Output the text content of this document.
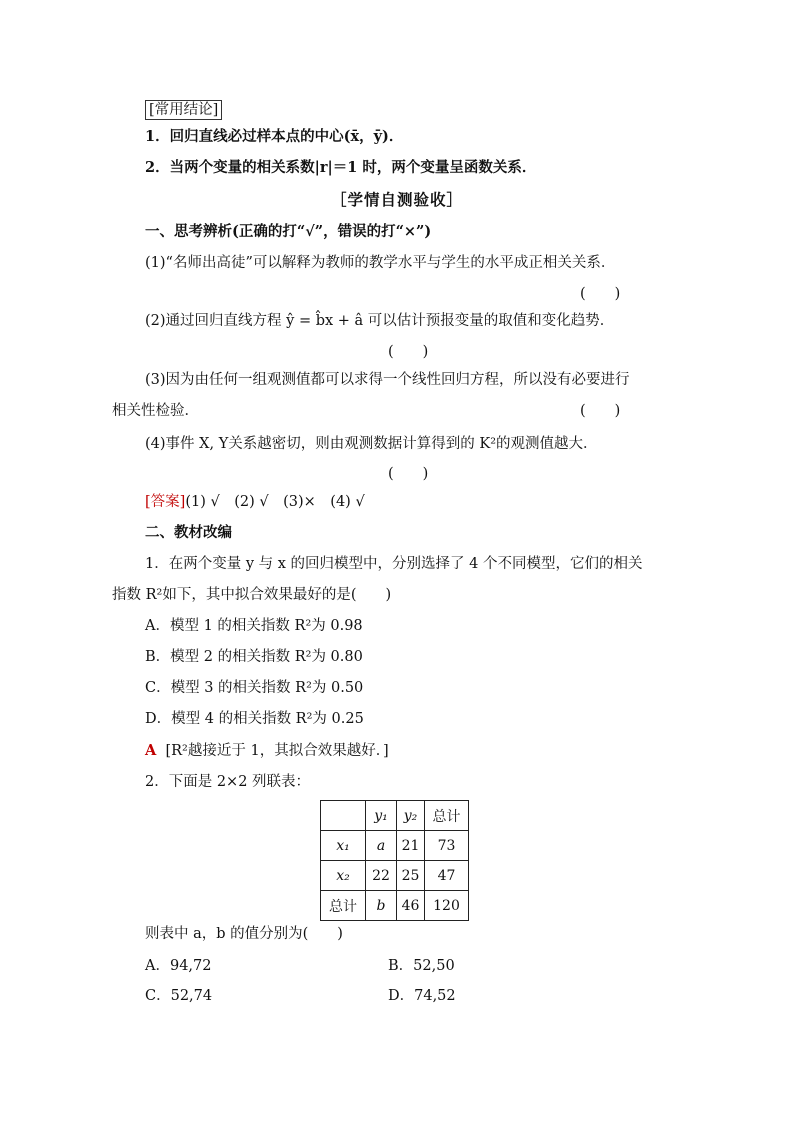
[常用结论]
1．回归直线必过样本点的中心(x̄，ȳ)．
2．当两个变量的相关系数|r|＝1 时，两个变量呈函数关系．
［学情自测验收］
一、思考辨析(正确的打“√”，错误的打“×”)
(1)“名师出高徒”可以解释为教师的教学水平与学生的水平成正相关关系．
(　　)
(2)通过回归直线方程 ŷ = b̂x + â 可以估计预报变量的取值和变化趋势．
(　　)
(3)因为由任何一组观测值都可以求得一个线性回归方程，所以没有必要进行
相关性检验．	(　　)
(4)事件 X, Y关系越密切，则由观测数据计算得到的 K²的观测值越大．
(　　)
[答案](1) √　(2) √　(3)×　(4) √
二、教材改编
1．在两个变量 y 与 x 的回归模型中，分别选择了 4 个不同模型，它们的相关
指数 R²如下，其中拟合效果最好的是(　　)
A．模型 1 的相关指数 R²为 0.98
B．模型 2 的相关指数 R²为 0.80
C．模型 3 的相关指数 R²为 0.50
D．模型 4 的相关指数 R²为 0.25
A [R²越接近于 1，其拟合效果越好．]
2．下面是 2×2 列联表：
	y₁	y₂	总计
x₁	a	21	73
x₂	22	25	47
总计	b	46	120
则表中 a，b 的值分别为(　　)
A．94,72	B．52,50
C．52,74	D．74,52
